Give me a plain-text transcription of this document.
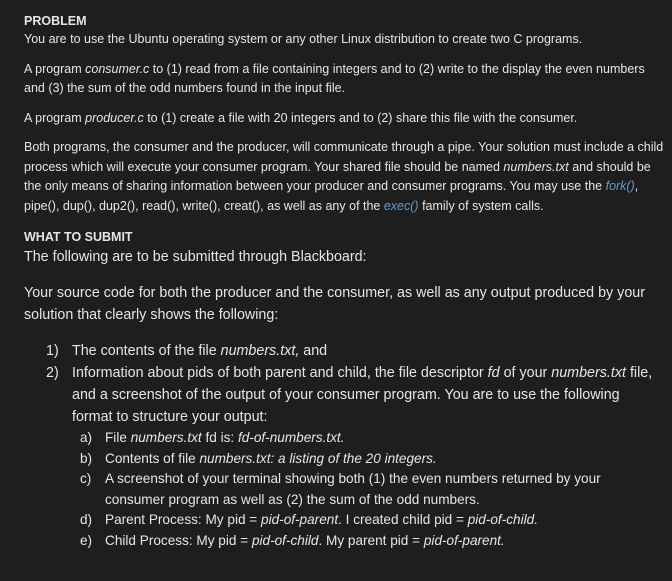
PROBLEM

You are to use the Ubuntu operating system or any other Linux distribution to create two C programs.

A program consumer.c to (1) read from a file containing integers and to (2) write to the display the even numbers and (3) the sum of the odd numbers found in the input file.

A program producer.c to (1) create a file with 20 integers and to (2) share this file with the consumer.

Both programs, the consumer and the producer, will communicate through a pipe. Your solution must include a child process which will execute your consumer program. Your shared file should be named numbers.txt and should be the only means of sharing information between your producer and consumer programs. You may use the fork(), pipe(), dup(), dup2(), read(), write(), creat(), as well as any of the exec() family of system calls.

WHAT TO SUBMIT

The following are to be submitted through Blackboard:

Your source code for both the producer and the consumer, as well as any output produced by your solution that clearly shows the following:

1) The contents of the file numbers.txt, and
2) Information about pids of both parent and child, the file descriptor fd of your numbers.txt file, and a screenshot of the output of your consumer program. You are to use the following format to structure your output:
a) File numbers.txt fd is: fd-of-numbers.txt.
b) Contents of file numbers.txt: a listing of the 20 integers.
c) A screenshot of your terminal showing both (1) the even numbers returned by your consumer program as well as (2) the sum of the odd numbers.
d) Parent Process: My pid = pid-of-parent. I created child pid = pid-of-child.
e) Child Process: My pid = pid-of-child. My parent pid = pid-of-parent.
